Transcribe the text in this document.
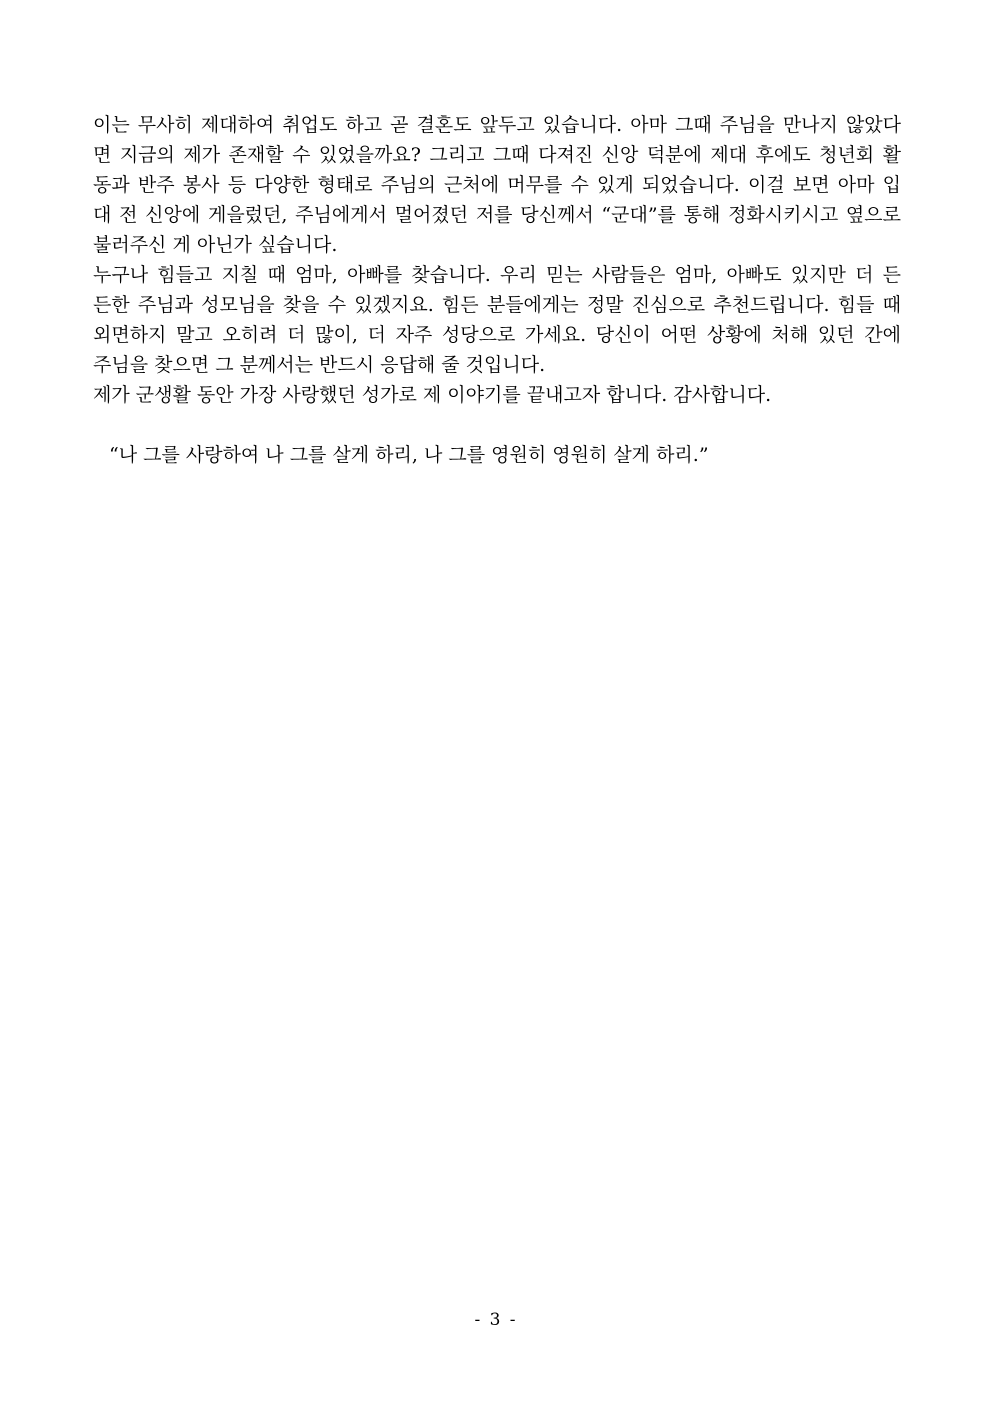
이는 무사히 제대하여 취업도 하고 곧 결혼도 앞두고 있습니다. 아마 그때 주님을 만나지 않았다
면 지금의 제가 존재할 수 있었을까요? 그리고 그때 다져진 신앙 덕분에 제대 후에도 청년회 활
동과 반주 봉사 등 다양한 형태로 주님의 근처에 머무를 수 있게 되었습니다. 이걸 보면 아마 입
대 전 신앙에 게을렀던, 주님에게서 멀어졌던 저를 당신께서 “군대”를 통해 정화시키시고 옆으로
불러주신 게 아닌가 싶습니다.
누구나 힘들고 지칠 때 엄마, 아빠를 찾습니다. 우리 믿는 사람들은 엄마, 아빠도 있지만 더 든
든한 주님과 성모님을 찾을 수 있겠지요. 힘든 분들에게는 정말 진심으로 추천드립니다. 힘들 때
외면하지 말고 오히려 더 많이, 더 자주 성당으로 가세요. 당신이 어떤 상황에 처해 있던 간에
주님을 찾으면 그 분께서는 반드시 응답해 줄 것입니다.
제가 군생활 동안 가장 사랑했던 성가로 제 이야기를 끝내고자 합니다. 감사합니다.
“나 그를 사랑하여 나 그를 살게 하리, 나 그를 영원히 영원히 살게 하리.”
- 3 -
